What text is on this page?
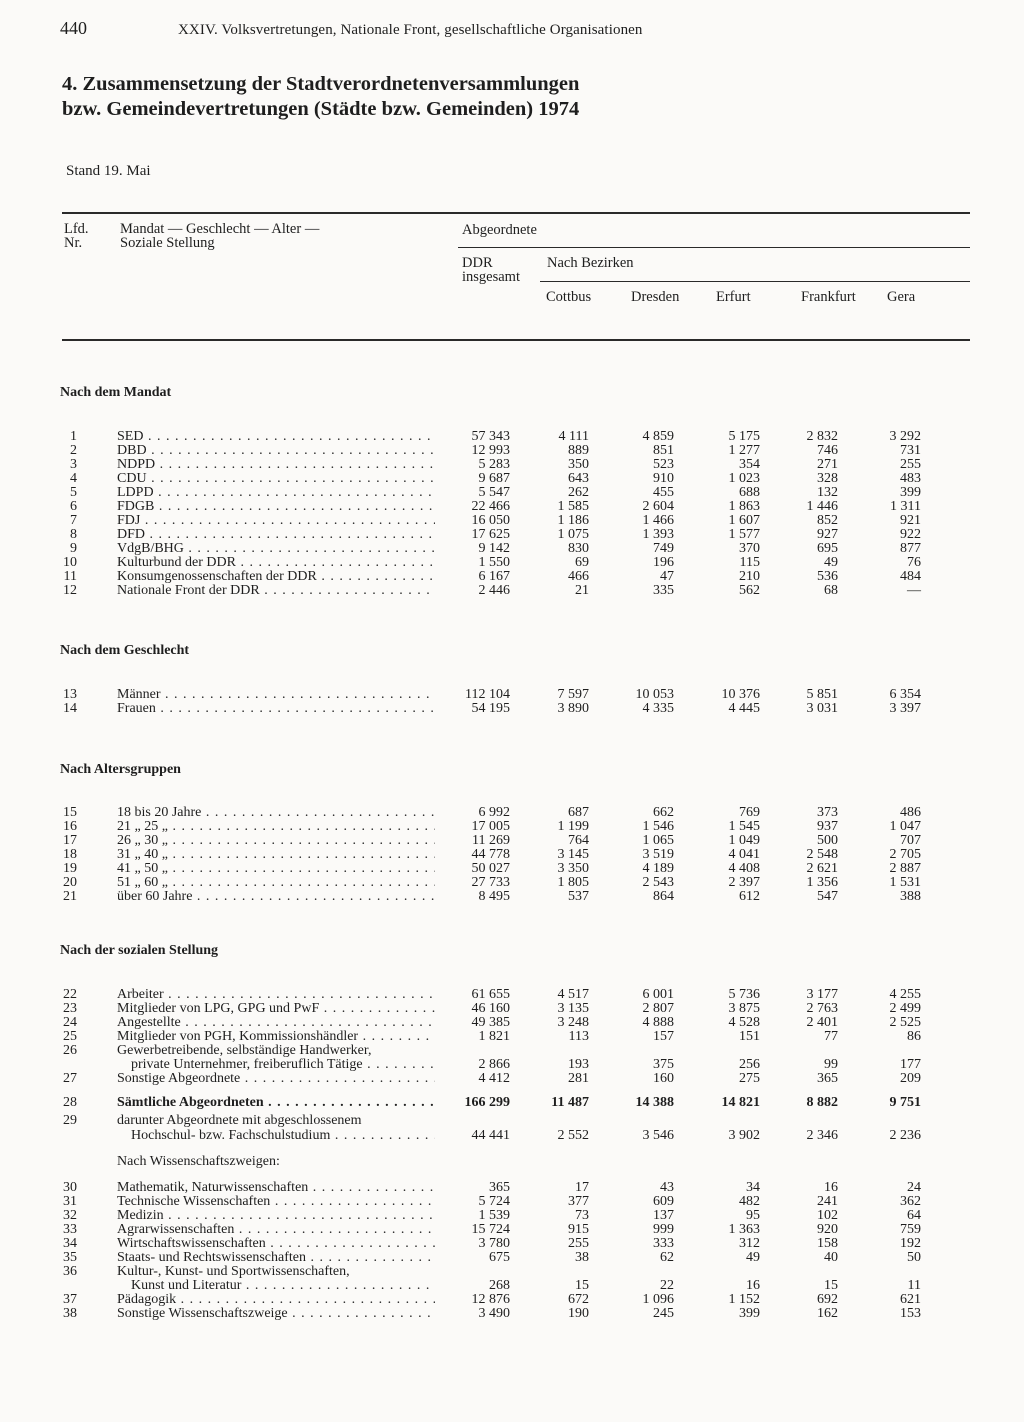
440	XXIV. Volksvertretungen, Nationale Front, gesellschaftliche Organisationen
4. Zusammensetzung der Stadtverordnetenversammlungen
bzw. Gemeindevertretungen (Städte bzw. Gemeinden) 1974
Stand 19. Mai
Lfd.
Nr.
Mandat — Geschlecht — Alter —
Soziale Stellung
Abgeordnete
DDR
insgesamt
Nach Bezirken
Cottbus	Dresden	Erfurt	Frankfurt Gera
Nach dem Mandat
1	SED . . .	57 343	4 111	4 859	5 175	2 832	3 292
2	DBD . . .	12 993	889	851	1 277	746	731
3	NDPD . . .	5 283	350	523	354	271	255
4	CDU . . .	9 687	643	910	1 023	328	483
5	LDPD . . .	5 547	262	455	688	132	399
6	FDGB . . .	22 466	1 585	2 604	1 863	1 446	1 311
7	FDJ . . .	16 050	1 186	1 466	1 607	852	921
8	DFD . . .	17 625	1 075	1 393	1 577	927	922
9	VdgB/BHG . . .	9 142	830	749	370	695	877
10	Kulturbund der DDR . . .	1 550	69	196	115	49	76
11	Konsumgenossenschaften der DDR . . .	6 167	466	47	210	536	484
12	Nationale Front der DDR . . .	2 446	21	335	562	68	—
Nach dem Geschlecht
13	Männer . . .	112 104	7 597	10 053	10 376	5 851	6 354
14	Frauen . . .	54 195	3 890	4 335	4 445	3 031	3 397
Nach Altersgruppen
15	18 bis 20 Jahre . . .	6 992	687	662	769	373	486
16	21 „ 25 „ . . .	17 005	1 199	1 546	1 545	937	1 047
17	26 „ 30 „ . . .	11 269	764	1 065	1 049	500	707
18	31 „ 40 „ . . .	44 778	3 145	3 519	4 041	2 548	2 705
19	41 „ 50 „ . . .	50 027	3 350	4 189	4 408	2 621	2 887
20	51 „ 60 „ . . .	27 733	1 805	2 543	2 397	1 356	1 531
21	über 60 Jahre . . .	8 495	537	864	612	547	388
Nach der sozialen Stellung
22	Arbeiter . . .	61 655	4 517	6 001	5 736	3 177	4 255
23	Mitglieder von LPG, GPG und PwF . . .	46 160	3 135	2 807	3 875	2 763	2 499
24	Angestellte . . .	49 385	3 248	4 888	4 528	2 401	2 525
25	Mitglieder von PGH, Kommissionshändler . . .	1 821	113	157	151	77	86
26	Gewerbetreibende, selbständige Handwerker,
private Unternehmer, freiberuflich Tätige . . .	2 866	193	375	256	99	177
27	Sonstige Abgeordnete . . .	4 412	281	160	275	365	209
28	Sämtliche Abgeordneten . . .	166 299	11 487	14 388	14 821	8 882	9 751
29	darunter Abgeordnete mit abgeschlossenem
Hochschul- bzw. Fachschulstudium . . .	44 441	2 552	3 546	3 902	2 346	2 236
Nach Wissenschaftszweigen:
30	Mathematik, Naturwissenschaften . . .	365	17	43	34	16	24
31	Technische Wissenschaften . . .	5 724	377	609	482	241	362
32	Medizin . . .	1 539	73	137	95	102	64
33	Agrarwissenschaften . . .	15 724	915	999	1 363	920	759
34	Wirtschaftswissenschaften . . .	3 780	255	333	312	158	192
35	Staats- und Rechtswissenschaften . . .	675	38	62	49	40	50
36	Kultur-, Kunst- und Sportwissenschaften,
Kunst und Literatur . . .	268	15	22	16	15	11
37	Pädagogik . . .	12 876	672	1 096	1 152	692	621
38	Sonstige Wissenschaftszweige . . .	3 490	190	245	399	162	153
